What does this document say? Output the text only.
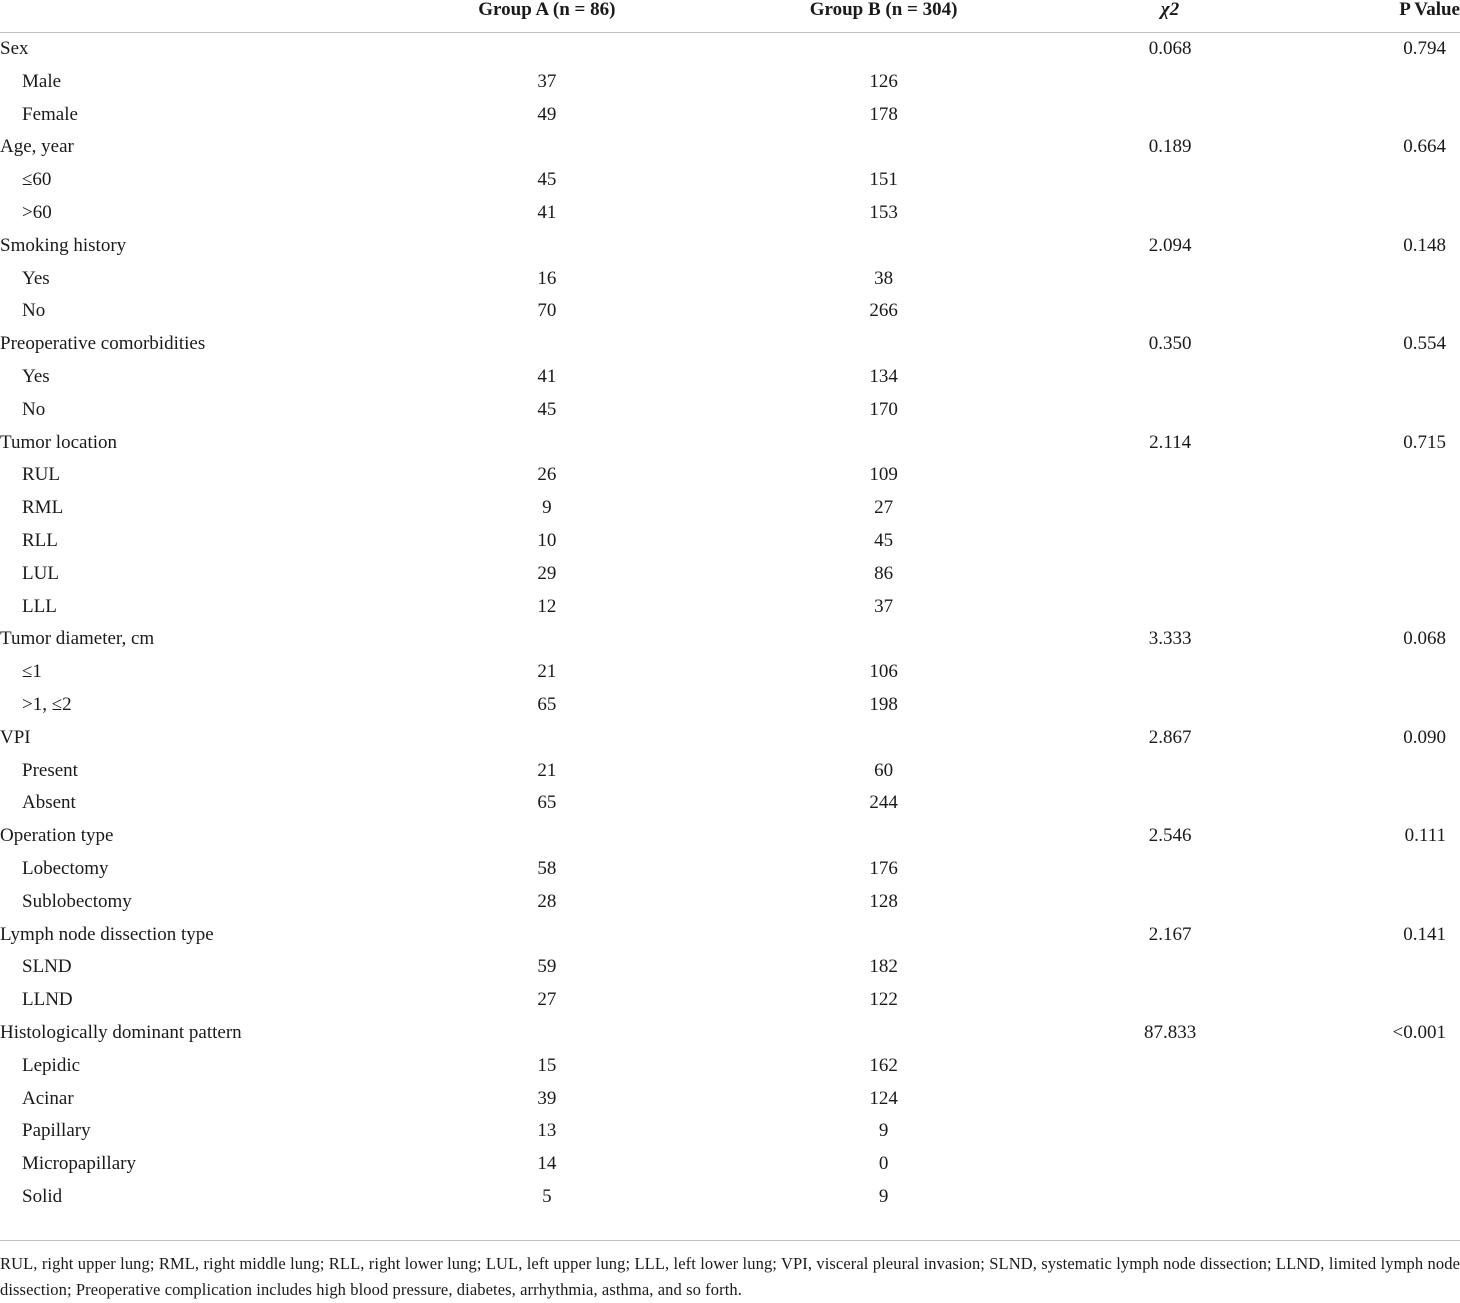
	Group A (n = 86)	Group B (n = 304)	χ2	P Value
Sex			0.068	0.794
Male	37	126		
Female	49	178		
Age, year			0.189	0.664
≤60	45	151		
>60	41	153		
Smoking history			2.094	0.148
Yes	16	38		
No	70	266		
Preoperative comorbidities			0.350	0.554
Yes	41	134		
No	45	170		
Tumor location			2.114	0.715
RUL	26	109		
RML	9	27		
RLL	10	45		
LUL	29	86		
LLL	12	37		
Tumor diameter, cm			3.333	0.068
≤1	21	106		
>1, ≤2	65	198		
VPI			2.867	0.090
Present	21	60		
Absent	65	244		
Operation type			2.546	0.111
Lobectomy	58	176		
Sublobectomy	28	128		
Lymph node dissection type			2.167	0.141
SLND	59	182		
LLND	27	122		
Histologically dominant pattern			87.833	<0.001
Lepidic	15	162		
Acinar	39	124		
Papillary	13	9		
Micropapillary	14	0		
Solid	5	9		
RUL, right upper lung; RML, right middle lung; RLL, right lower lung; LUL, left upper lung; LLL, left lower lung; VPI, visceral pleural invasion; SLND, systematic lymph node dissection; LLND, limited lymph node dissection; Preoperative complication includes high blood pressure, diabetes, arrhythmia, asthma, and so forth.
